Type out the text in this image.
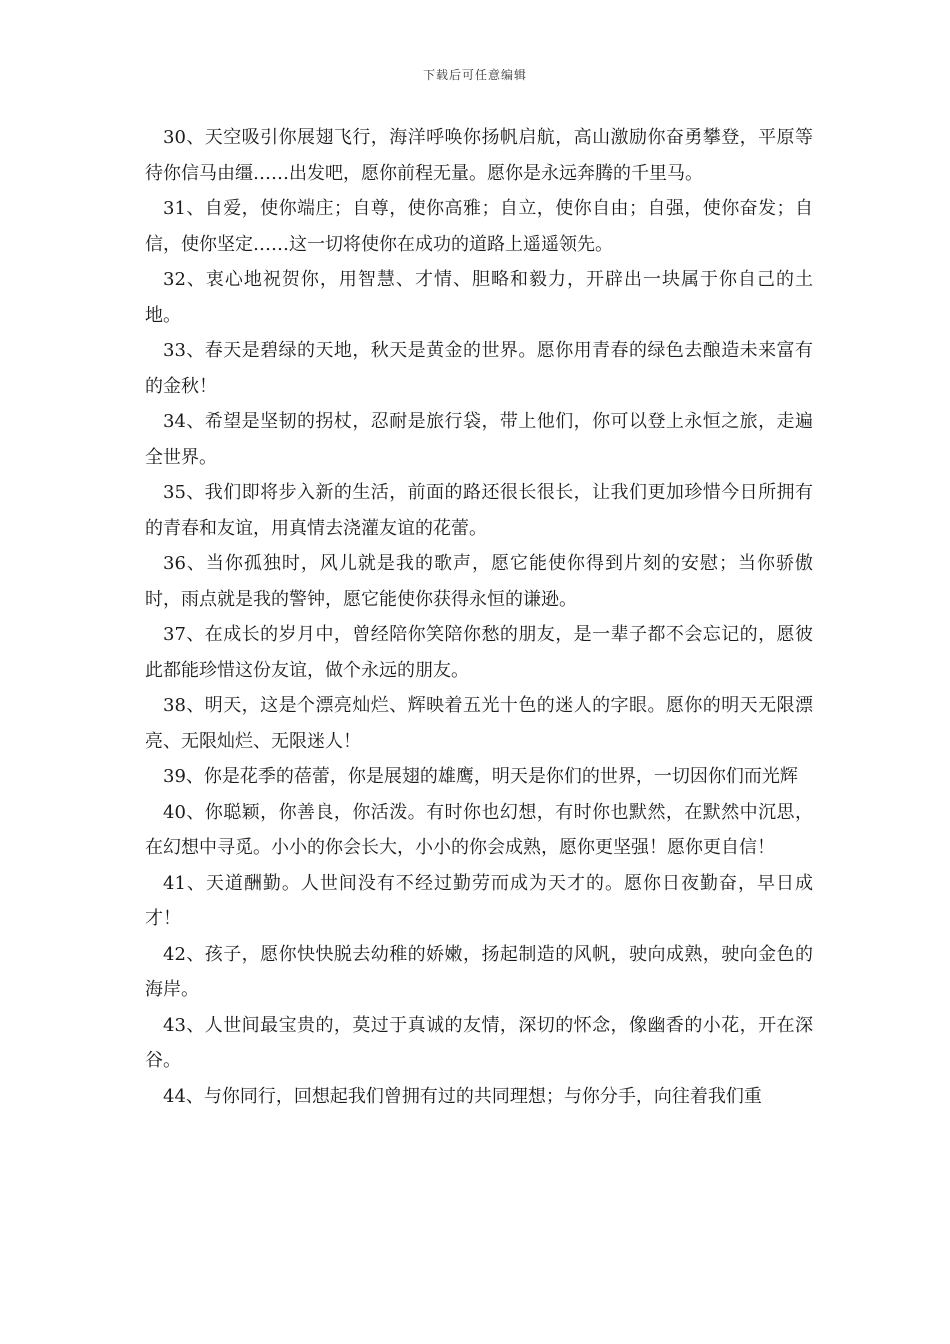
下载后可任意编辑

30、天空吸引你展翅飞行，海洋呼唤你扬帆启航，高山激励你奋勇攀登，平原等待你信马由缰……出发吧，愿你前程无量。愿你是永远奔腾的千里马。

31、自爱，使你端庄；自尊，使你高雅；自立，使你自由；自强，使你奋发；自信，使你坚定……这一切将使你在成功的道路上遥遥领先。

32、衷心地祝贺你，用智慧、才情、胆略和毅力，开辟出一块属于你自己的土地。

33、春天是碧绿的天地，秋天是黄金的世界。愿你用青春的绿色去酿造未来富有的金秋！

34、希望是坚韧的拐杖，忍耐是旅行袋，带上他们，你可以登上永恒之旅，走遍全世界。

35、我们即将步入新的生活，前面的路还很长很长，让我们更加珍惜今日所拥有的青春和友谊，用真情去浇灌友谊的花蕾。

36、当你孤独时，风儿就是我的歌声，愿它能使你得到片刻的安慰；当你骄傲时，雨点就是我的警钟，愿它能使你获得永恒的谦逊。

37、在成长的岁月中，曾经陪你笑陪你愁的朋友，是一辈子都不会忘记的，愿彼此都能珍惜这份友谊，做个永远的朋友。

38、明天，这是个漂亮灿烂、辉映着五光十色的迷人的字眼。愿你的明天无限漂亮、无限灿烂、无限迷人！

39、你是花季的蓓蕾，你是展翅的雄鹰，明天是你们的世界，一切因你们而光辉

40、你聪颖，你善良，你活泼。有时你也幻想，有时你也默然，在默然中沉思，在幻想中寻觅。小小的你会长大，小小的你会成熟，愿你更坚强！愿你更自信！

41、天道酬勤。人世间没有不经过勤劳而成为天才的。愿你日夜勤奋，早日成才！

42、孩子，愿你快快脱去幼稚的娇嫩，扬起制造的风帆，驶向成熟，驶向金色的海岸。

43、人世间最宝贵的，莫过于真诚的友情，深切的怀念，像幽香的小花，开在深谷。

44、与你同行，回想起我们曾拥有过的共同理想；与你分手，向往着我们重
